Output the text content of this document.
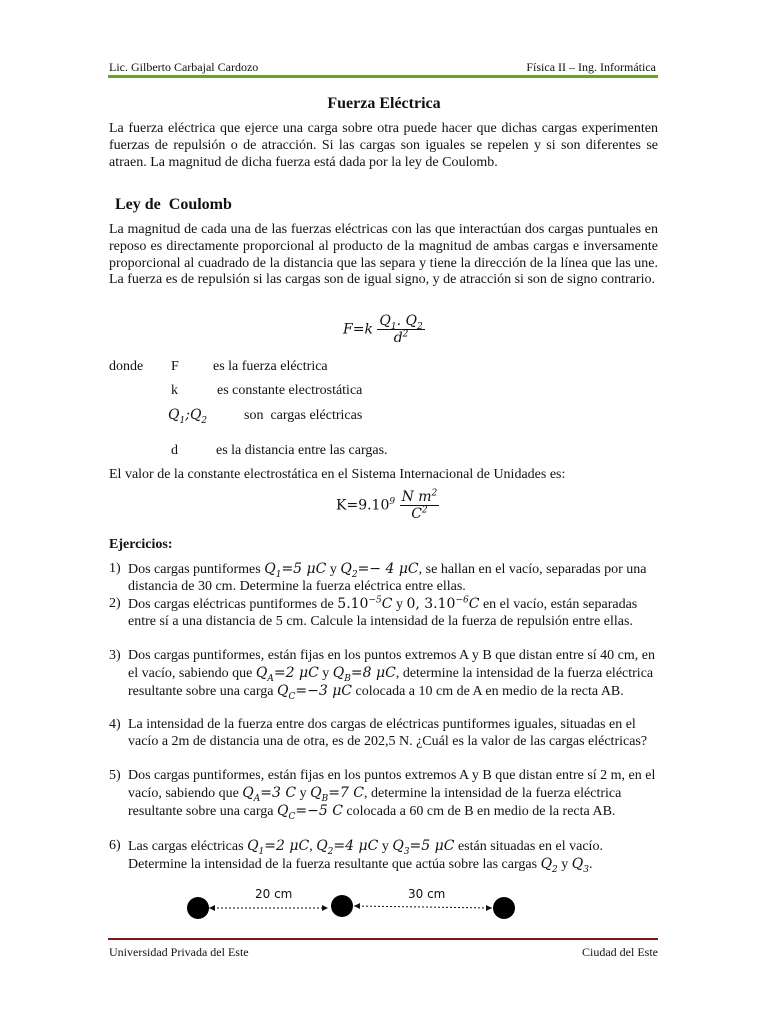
Lic. Gilberto Carbajal Cardozo	Física II – Ing. Informática
Fuerza Eléctrica
La fuerza eléctrica que ejerce una carga sobre otra puede hacer que dichas cargas experimenten fuerzas de repulsión o de atracción. Si las cargas son iguales se repelen y si son diferentes se atraen. La magnitud de dicha fuerza está dada por la ley de Coulomb.
Ley de  Coulomb
La magnitud de cada una de las fuerzas eléctricas con las que interactúan dos cargas puntuales en reposo es directamente proporcional al producto de la magnitud de ambas cargas e inversamente proporcional al cuadrado de la distancia que las separa y tiene la dirección de la línea que las une. La fuerza es de repulsión si las cargas son de igual signo, y de atracción si son de signo contrario.
$F=k \frac{Q_1. Q_2}{d^2}$
donde F es la fuerza eléctrica
k	es constante electrostática
$Q_1;Q_2$	son  cargas eléctricas
d	es la distancia entre las cargas.
El valor de la constante electrostática en el Sistema Internacional de Unidades es:
$K=9.10^9 \frac{N m^2}{C^2}$
Ejercicios:
1) Dos cargas puntiformes $Q_1=5$ μC y $Q_2=- 4$ μC, se hallan en el vacío, separadas por una distancia de 30 cm. Determine la fuerza eléctrica entre ellas.
2) Dos cargas eléctricas puntiformes de $5.10^{-5}C$ y 0, $3.10^{-6}C$ en el vacío, están separadas entre sí a una distancia de 5 cm. Calcule la intensidad de la fuerza de repulsión entre ellas.
3) Dos cargas puntiformes, están fijas en los puntos extremos A y B que distan entre sí 40 cm, en el vacío, sabiendo que $Q_A=2$ μC y $Q_B=8$ μC, determine la intensidad de la fuerza eléctrica resultante sobre una carga $Q_C=-3$ μC colocada a 10 cm de A en medio de la recta AB.
4) La intensidad de la fuerza entre dos cargas de eléctricas puntiformes iguales, situadas en el vacío a 2m de distancia una de otra, es de 202,5 N. ¿Cuál es la valor de las cargas eléctricas?
5) Dos cargas puntiformes, están fijas en los puntos extremos A y B que distan entre sí 2 m, en el vacío, sabiendo que $Q_A=3$ C y $Q_B=7$ C, determine la intensidad de la fuerza eléctrica resultante sobre una carga $Q_C=-5$ C colocada a 60 cm de B en medio de la recta AB.
6) Las cargas eléctricas $Q_1=2$ μC, $Q_2=4$ μC y $Q_3=5$ μC están situadas en el vacío. Determine la intensidad de la fuerza resultante que actúa sobre las cargas $Q_2$ y $Q_3$.
20 cm	30 cm
Universidad Privada del Este	Ciudad del Este
